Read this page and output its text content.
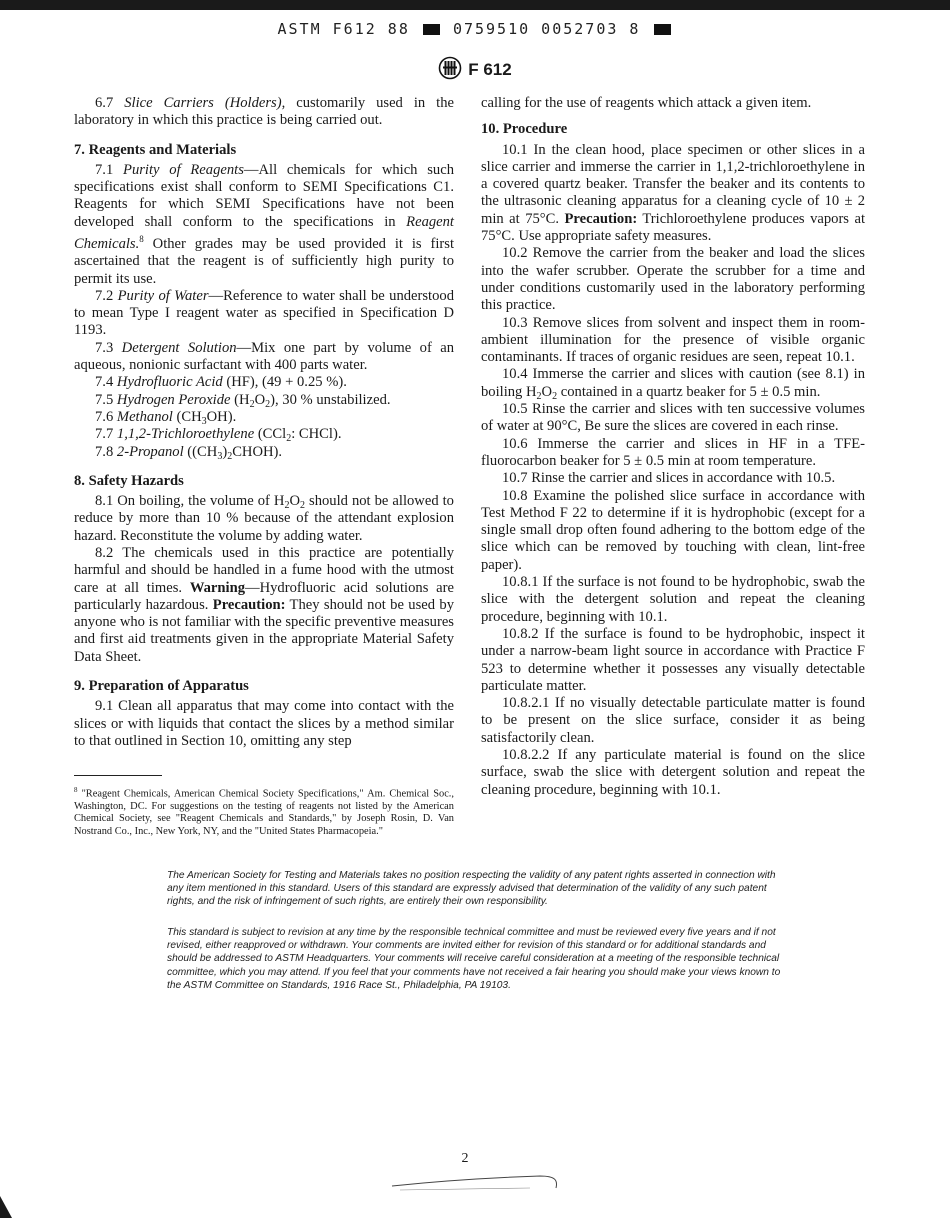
ASTM F612 88	0759510 0052703 8
F 612

6.7 Slice Carriers (Holders), customarily used in the laboratory in which this practice is being carried out.

7. Reagents and Materials

7.1 Purity of Reagents—All chemicals for which such specifications exist shall conform to SEMI Specifications C1. Reagents for which SEMI Specifications have not been developed shall conform to the specifications in Reagent Chemicals.$^8$ Other grades may be used provided it is first ascertained that the reagent is of sufficiently high purity to permit its use.

7.2 Purity of Water—Reference to water shall be understood to mean Type I reagent water as specified in Specification D 1193.

7.3 Detergent Solution—Mix one part by volume of an aqueous, nonionic surfactant with 400 parts water.

7.4 Hydrofluoric Acid (HF), (49 + 0.25 %).

7.5 Hydrogen Peroxide $(H_2O_2)$, 30 % unstabilized.

7.6 Methanol $(CH_3OH)$.

7.7 1,1,2-Trichloroethylene (CCl$_2$: CHCl).

7.8 2-Propanol $((CH_3)_2CHOH)$.

8. Safety Hazards

8.1 On boiling, the volume of $H_2O_2$ should not be allowed to reduce by more than 10 % because of the attendant explosion hazard. Reconstitute the volume by adding water.

8.2 The chemicals used in this practice are potentially harmful and should be handled in a fume hood with the utmost care at all times. Warning—Hydrofluoric acid solutions are particularly hazardous. Precaution: They should not be used by anyone who is not familiar with the specific preventive measures and first aid treatments given in the appropriate Material Safety Data Sheet.

9. Preparation of Apparatus

9.1 Clean all apparatus that may come into contact with the slices or with liquids that contact the slices by a method similar to that outlined in Section 10, omitting any step

$^8$ "Reagent Chemicals, American Chemical Society Specifications," Am. Chemical Soc., Washington, DC. For suggestions on the testing of reagents not listed by the American Chemical Society, see "Reagent Chemicals and Standards," by Joseph Rosin, D. Van Nostrand Co., Inc., New York, NY, and the "United States Pharmacopeia."

calling for the use of reagents which attack a given item.

10. Procedure

10.1 In the clean hood, place specimen or other slices in a slice carrier and immerse the carrier in 1,1,2-trichloroethylene in a covered quartz beaker. Transfer the beaker and its contents to the ultrasonic cleaning apparatus for a cleaning cycle of 10 ± 2 min at 75°C. Precaution: Trichloroethylene produces vapors at 75°C. Use appropriate safety measures.

10.2 Remove the carrier from the beaker and load the slices into the wafer scrubber. Operate the scrubber for a time and under conditions customarily used in the laboratory performing this practice.

10.3 Remove slices from solvent and inspect them in room-ambient illumination for the presence of visible organic contaminants. If traces of organic residues are seen, repeat 10.1.

10.4 Immerse the carrier and slices with caution (see 8.1) in boiling $H_2O_2$ contained in a quartz beaker for 5 ± 0.5 min.

10.5 Rinse the carrier and slices with ten successive volumes of water at 90°C, Be sure the slices are covered in each rinse.

10.6 Immerse the carrier and slices in HF in a TFE-fluorocarbon beaker for 5 ± 0.5 min at room temperature.

10.7 Rinse the carrier and slices in accordance with 10.5.

10.8 Examine the polished slice surface in accordance with Test Method F 22 to determine if it is hydrophobic (except for a single small drop often found adhering to the bottom edge of the slice which can be removed by touching with clean, lint-free paper).

10.8.1 If the surface is not found to be hydrophobic, swab the slice with the detergent solution and repeat the cleaning procedure, beginning with 10.1.

10.8.2 If the surface is found to be hydrophobic, inspect it under a narrow-beam light source in accordance with Practice F 523 to determine whether it possesses any visually detectable particulate matter.

10.8.2.1 If no visually detectable particulate matter is found to be present on the slice surface, consider it as being satisfactorily clean.

10.8.2.2 If any particulate material is found on the slice surface, swab the slice with detergent solution and repeat the cleaning procedure, beginning with 10.1.

The American Society for Testing and Materials takes no position respecting the validity of any patent rights asserted in connection with any item mentioned in this standard. Users of this standard are expressly advised that determination of the validity of any such patent rights, and the risk of infringement of such rights, are entirely their own responsibility.
This standard is subject to revision at any time by the responsible technical committee and must be reviewed every five years and if not revised, either reapproved or withdrawn. Your comments are invited either for revision of this standard or for additional standards and should be addressed to ASTM Headquarters. Your comments will receive careful consideration at a meeting of the responsible technical committee, which you may attend. If you feel that your comments have not received a fair hearing you should make your views known to the ASTM Committee on Standards, 1916 Race St., Philadelphia, PA 19103.
2
